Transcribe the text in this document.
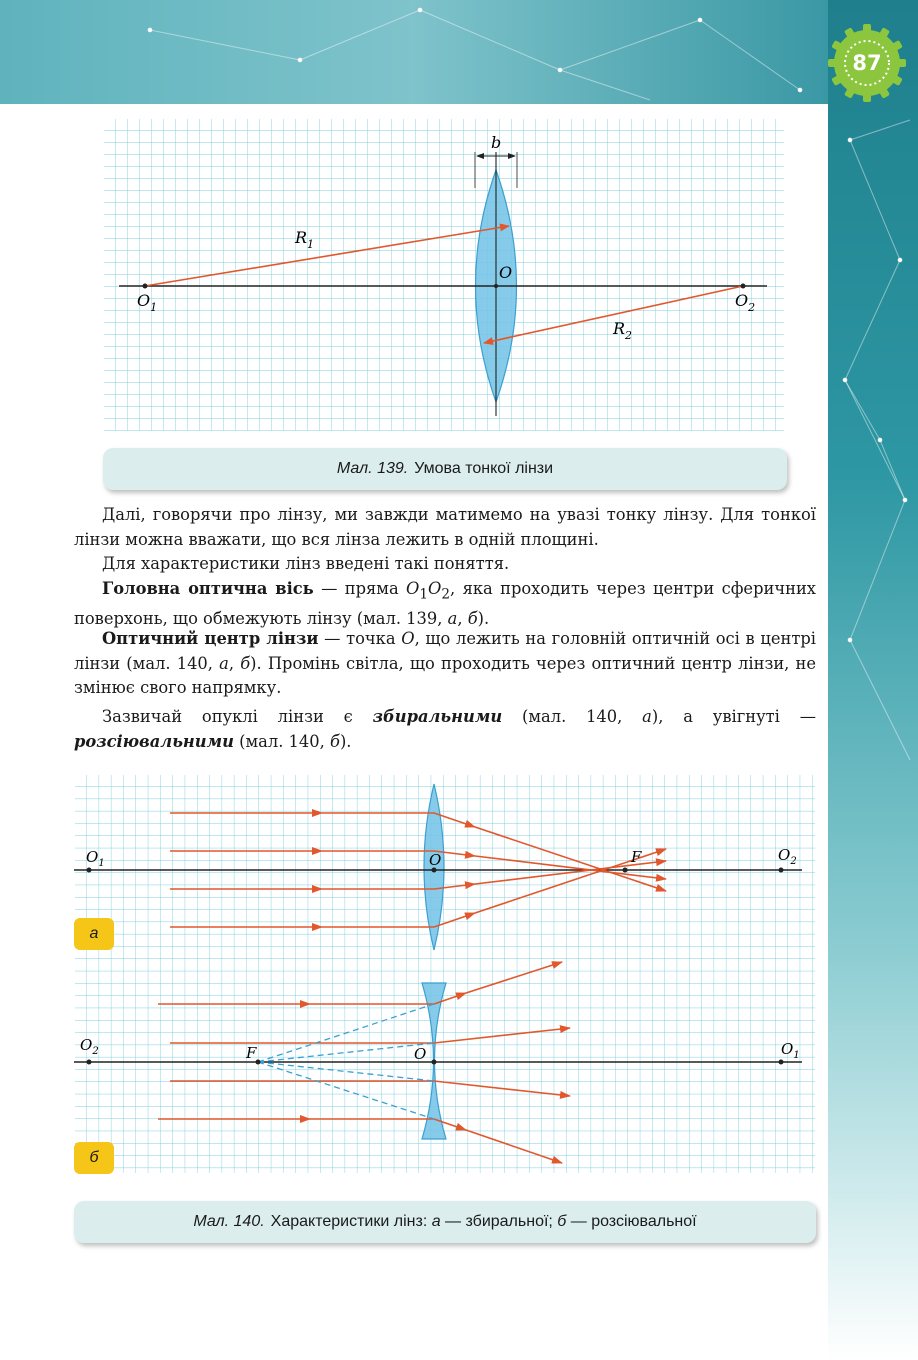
87
b
$R_1$
O
$O_1$	$O_2$
$R_2$
Мал. 139. Умова тонкої лінзи
Далі, говорячи про лінзу, ми завжди матимемо на увазі тонку лінзу. Для тонкої лінзи можна вважати, що вся лінза лежить в одній площині.
Для характеристики лінз введені такі поняття.
Головна оптична вісь — пряма $O_1O_2$, яка проходить через центри сферичних поверхонь, що обмежують лінзу (мал. 139, а, б).
Оптичний центр лінзи — точка O, що лежить на головній оптичній осі в центрі лінзи (мал. 140, а, б). Промінь світла, що проходить через оптичний центр лінзи, не змінює свого напрямку.
Зазвичай опуклі лінзи є збиральними (мал. 140, а), а увігнуті — розсіювальними (мал. 140, б).
$O_1$	O	F	$O_2$
$O_2$	F	O	$O_1$
а
б
Мал. 140. Характеристики лінз: а — збиральної; б — розсіювальної
